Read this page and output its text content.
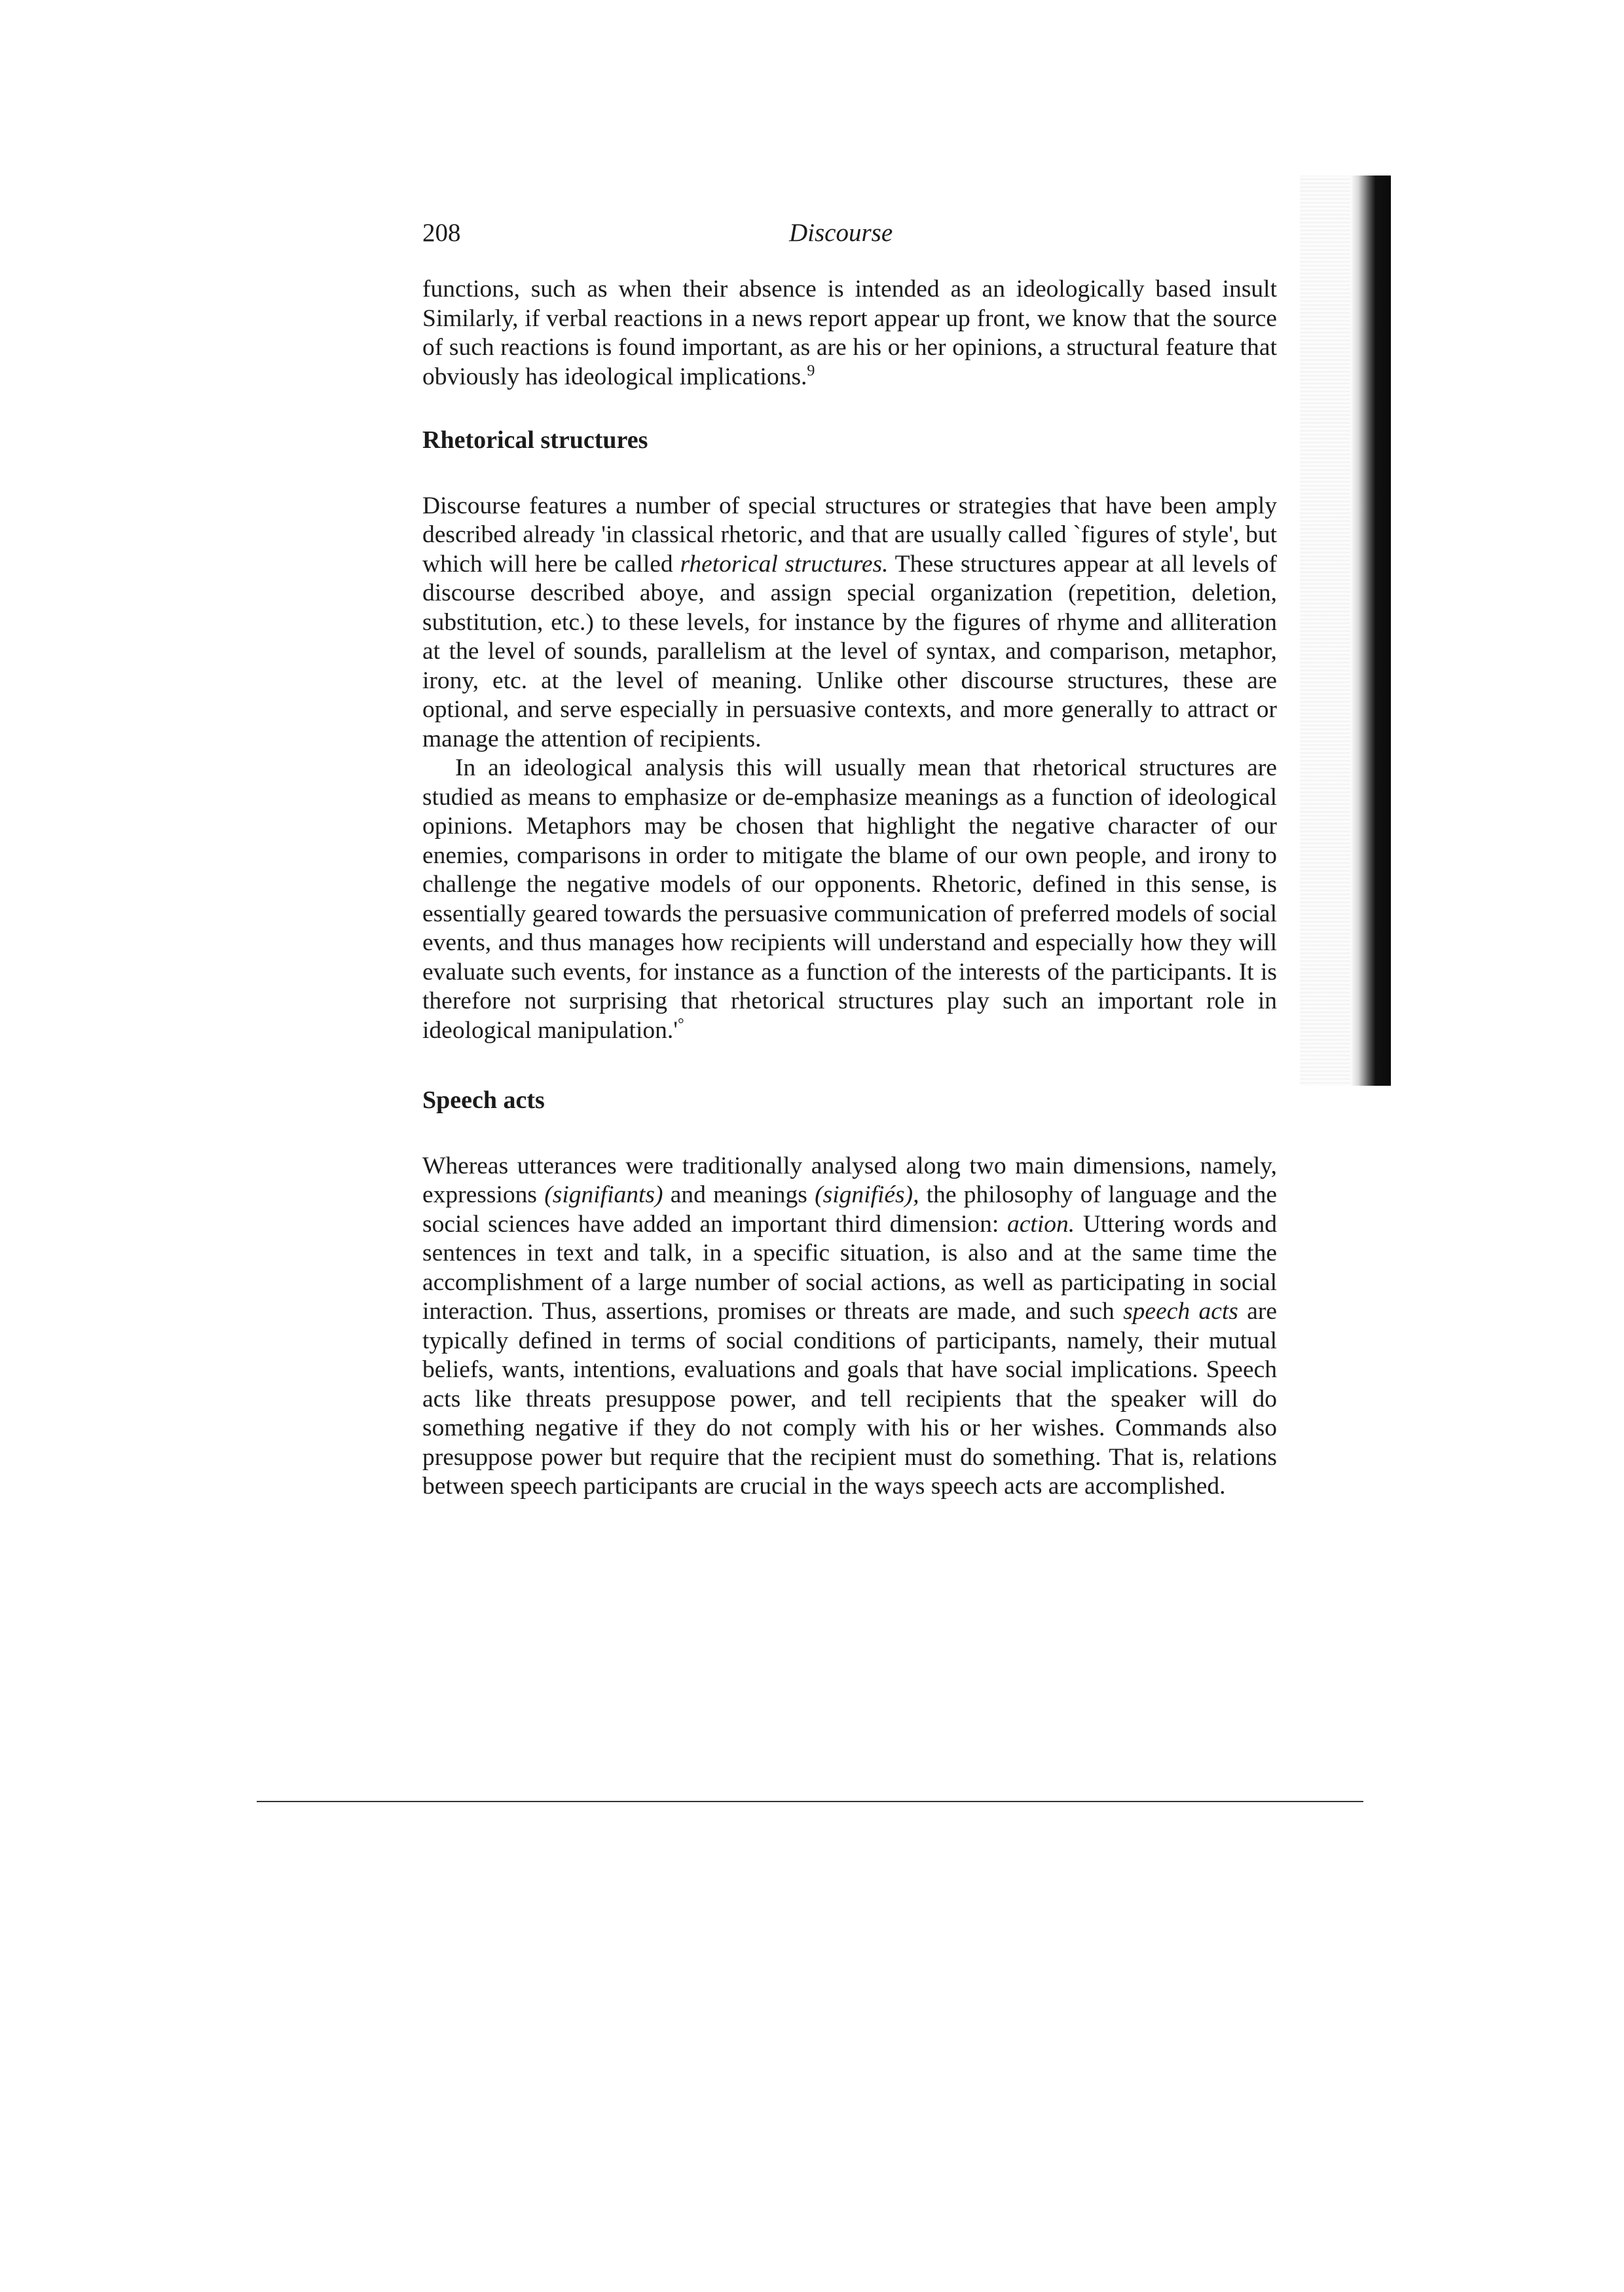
208	Discourse

functions, such as when their absence is intended as an ideologically based insult Similarly, if verbal reactions in a news report appear up front, we know that the source of such reactions is found important, as are his or her opinions, a structural feature that obviously has ideological implications.$^9$

Rhetorical structures

Discourse features a number of special structures or strategies that have been amply described already 'in classical rhetoric, and that are usually called `figures of style', but which will here be called rhetorical structures. These structures appear at all levels of discourse described aboye, and assign special organization (repetition, deletion, substitution, etc.) to these levels, for instance by the figures of rhyme and alliteration at the level of sounds, parallelism at the level of syntax, and comparison, metaphor, irony, etc. at the level of meaning. Unlike other discourse structures, these are optional, and serve especially in persuasive contexts, and more generally to attract or manage the attention of recipients.

In an ideological analysis this will usually mean that rhetorical structures are studied as means to emphasize or de-emphasize meanings as a function of ideological opinions. Metaphors may be chosen that highlight the negative character of our enemies, comparisons in order to mitigate the blame of our own people, and irony to challenge the negative models of our opponents. Rhetoric, defined in this sense, is essentially geared towards the persuasive communication of preferred models of social events, and thus manages how recipients will understand and especially how they will evaluate such events, for instance as a function of the interests of the participants. It is therefore not surprising that rhetorical structures play such an important role in ideological manipulation.'°

Speech acts

Whereas utterances were traditionally analysed along two main dimensions, namely, expressions (signifiants) and meanings (signifiés), the philosophy of language and the social sciences have added an important third dimension: action. Uttering words and sentences in text and talk, in a specific situation, is also and at the same time the accomplishment of a large number of social actions, as well as participating in social interaction. Thus, assertions, promises or threats are made, and such speech acts are typically defined in terms of social conditions of participants, namely, their mutual beliefs, wants, intentions, evaluations and goals that have social implications. Speech acts like threats presuppose power, and tell recipients that the speaker will do something negative if they do not comply with his or her wishes. Commands also presuppose power but require that the recipient must do something. That is, relations between speech participants are crucial in the ways speech acts are accomplished.
